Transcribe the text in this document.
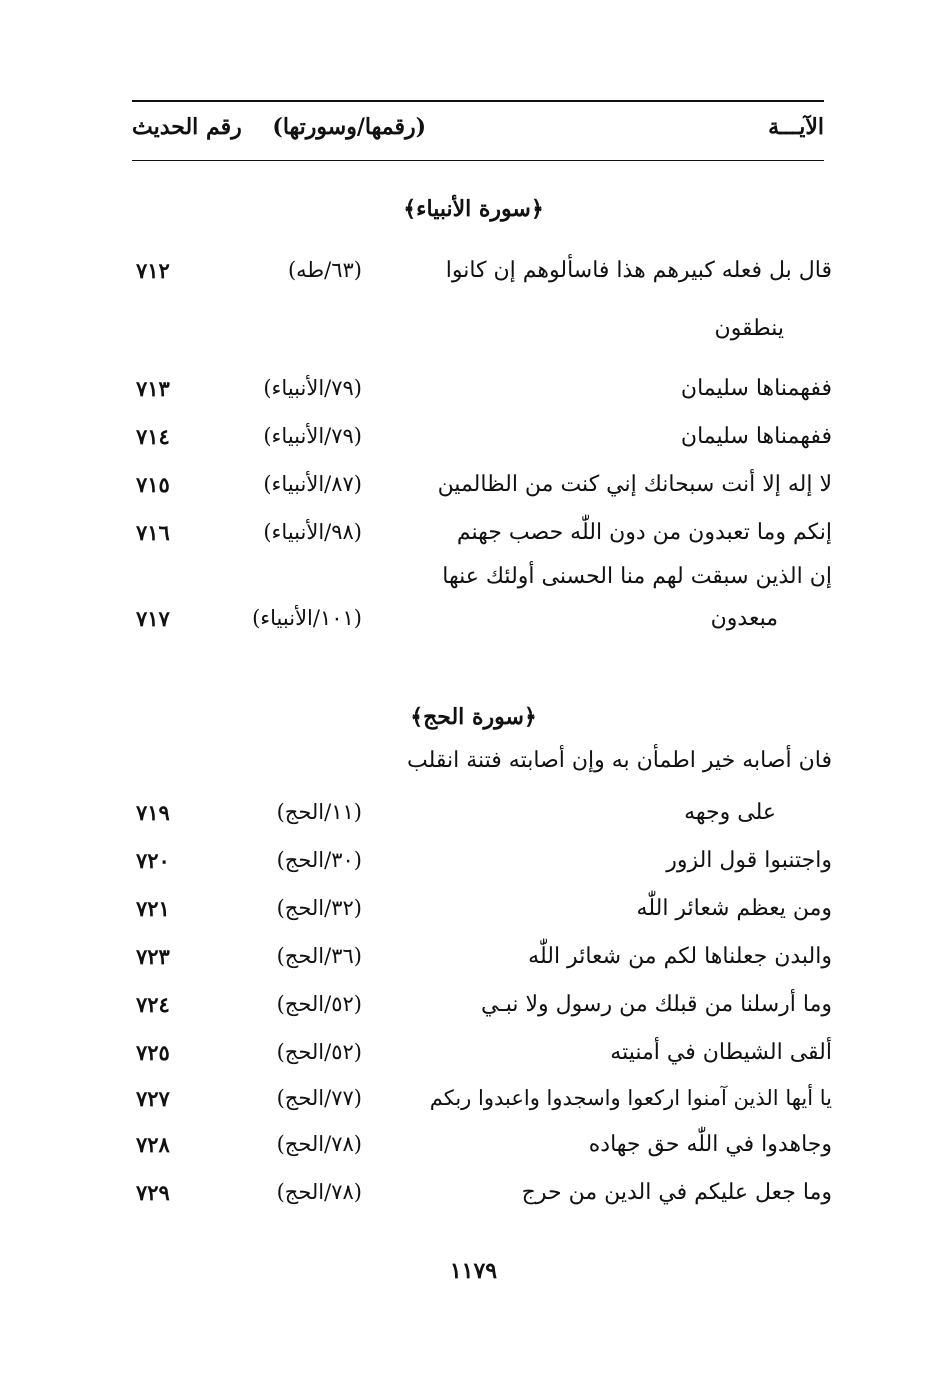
الآيـــة
(رقمها/وسورتها)
رقم الحديث
﴿سورة الأنبياء﴾
قال بل فعله كبيرهم هذا فاسألوهم إن كانوا
(٦٣/طه)
٧١٢
ينطقون
ففهمناها سليمان
(٧٩/الأنبياء)
٧١٣
ففهمناها سليمان
(٧٩/الأنبياء)
٧١٤
لا إله إلا أنت سبحانك إني كنت من الظالمين
(٨٧/الأنبياء)
٧١٥
إنكم وما تعبدون من دون اللّٰه حصب جهنم
(٩٨/الأنبياء)
٧١٦
إن الذين سبقت لهم منا الحسنى أولئك عنها
مبعدون
(١٠١/الأنبياء)
٧١٧
﴿سورة الحج﴾
فان أصابه خير اطمأن به وإن أصابته فتنة انقلب
على وجهه
(١١/الحج)
٧١٩
واجتنبوا قول الزور
(٣٠/الحج)
٧٢٠
ومن يعظم شعائر اللّٰه
(٣٢/الحج)
٧٢١
والبدن جعلناها لكم من شعائر اللّٰه
(٣٦/الحج)
٧٢٣
وما أرسلنا من قبلك من رسول ولا نبـي
(٥٢/الحج)
٧٢٤
ألقى الشيطان في أمنيته
(٥٢/الحج)
٧٢٥
يا أيها الذين آمنوا اركعوا واسجدوا واعبدوا ربكم
(٧٧/الحج)
٧٢٧
وجاهدوا في اللّٰه حق جهاده
(٧٨/الحج)
٧٢٨
وما جعل عليكم في الدين من حرج
(٧٨/الحج)
٧٢٩
١١٧٩
